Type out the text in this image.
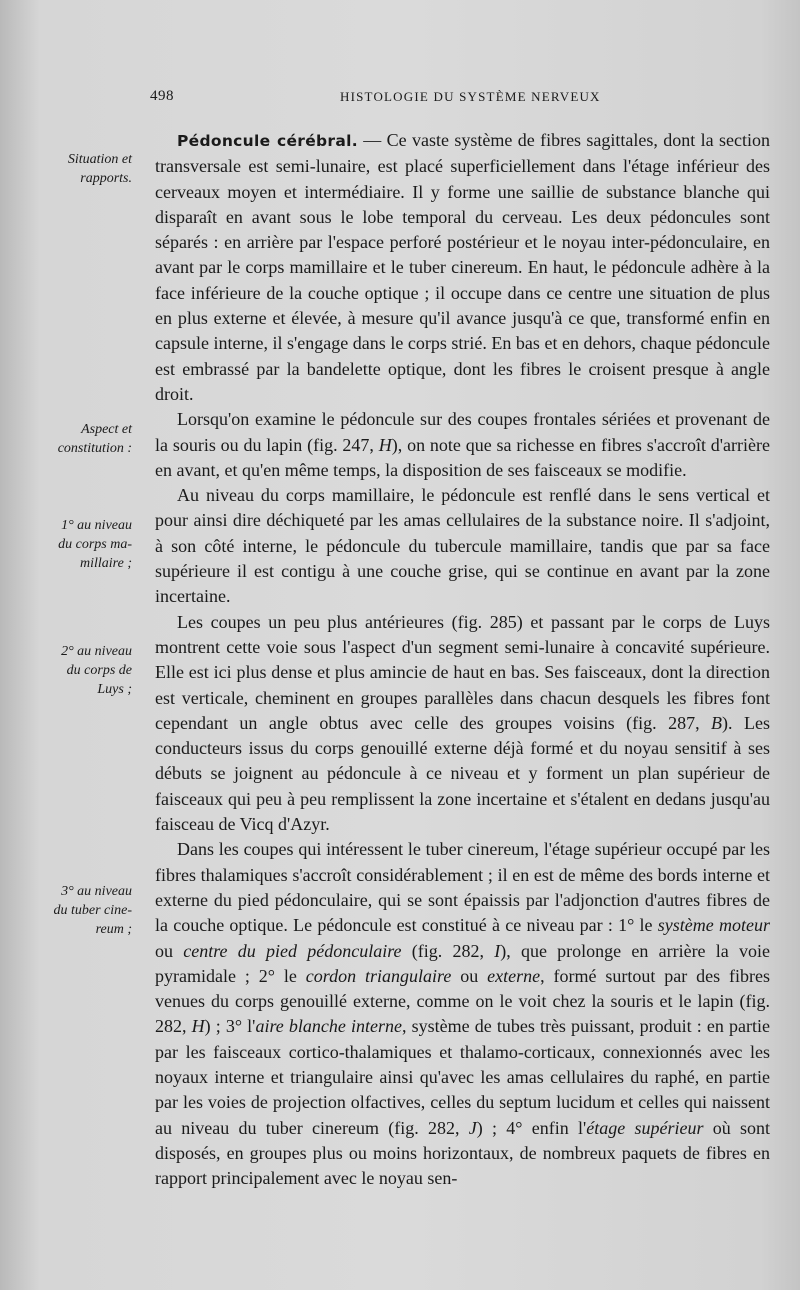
498	HISTOLOGIE DU SYSTÈME NERVEUX
Situation et
rapports.
Aspect et
constitution :
1° au niveau
du corps ma-
millaire ;
2° au niveau
du corps de
Luys ;
3° au niveau
du tuber cine-
reum ;

Pédoncule cérébral. — Ce vaste système de fibres sagittales, dont la section transversale est semi-lunaire, est placé superficiellement dans l'étage inférieur des cerveaux moyen et intermédiaire. Il y forme une saillie de substance blanche qui disparaît en avant sous le lobe temporal du cerveau. Les deux pédoncules sont séparés : en arrière par l'espace perforé postérieur et le noyau inter-pédonculaire, en avant par le corps mamillaire et le tuber cinereum. En haut, le pédoncule adhère à la face inférieure de la couche optique ; il occupe dans ce centre une situation de plus en plus externe et élevée, à mesure qu'il avance jusqu'à ce que, transformé enfin en capsule interne, il s'engage dans le corps strié. En bas et en dehors, chaque pédoncule est embrassé par la bandelette optique, dont les fibres le croisent presque à angle droit.

Lorsqu'on examine le pédoncule sur des coupes frontales sériées et provenant de la souris ou du lapin (fig. 247, H), on note que sa richesse en fibres s'accroît d'arrière en avant, et qu'en même temps, la disposition de ses faisceaux se modifie.

Au niveau du corps mamillaire, le pédoncule est renflé dans le sens vertical et pour ainsi dire déchiqueté par les amas cellulaires de la substance noire. Il s'adjoint, à son côté interne, le pédoncule du tubercule mamillaire, tandis que par sa face supérieure il est contigu à une couche grise, qui se continue en avant par la zone incertaine.

Les coupes un peu plus antérieures (fig. 285) et passant par le corps de Luys montrent cette voie sous l'aspect d'un segment semi-lunaire à concavité supérieure. Elle est ici plus dense et plus amincie de haut en bas. Ses faisceaux, dont la direction est verticale, cheminent en groupes parallèles dans chacun desquels les fibres font cependant un angle obtus avec celle des groupes voisins (fig. 287, B). Les conducteurs issus du corps genouillé externe déjà formé et du noyau sensitif à ses débuts se joignent au pédoncule à ce niveau et y forment un plan supérieur de faisceaux qui peu à peu remplissent la zone incertaine et s'étalent en dedans jusqu'au faisceau de Vicq d'Azyr.

Dans les coupes qui intéressent le tuber cinereum, l'étage supérieur occupé par les fibres thalamiques s'accroît considérablement ; il en est de même des bords interne et externe du pied pédonculaire, qui se sont épaissis par l'adjonction d'autres fibres de la couche optique. Le pédoncule est constitué à ce niveau par : 1° le système moteur ou centre du pied pédonculaire (fig. 282, I), que prolonge en arrière la voie pyramidale ; 2° le cordon triangulaire ou externe, formé surtout par des fibres venues du corps genouillé externe, comme on le voit chez la souris et le lapin (fig. 282, H) ; 3° l'aire blanche interne, système de tubes très puissant, produit : en partie par les faisceaux cortico-thalamiques et thalamo-corticaux, connexionnés avec les noyaux interne et triangulaire ainsi qu'avec les amas cellulaires du raphé, en partie par les voies de projection olfactives, celles du septum lucidum et celles qui naissent au niveau du tuber cinereum (fig. 282, J) ; 4° enfin l'étage supérieur où sont disposés, en groupes plus ou moins horizontaux, de nombreux paquets de fibres en rapport principalement avec le noyau sen-
